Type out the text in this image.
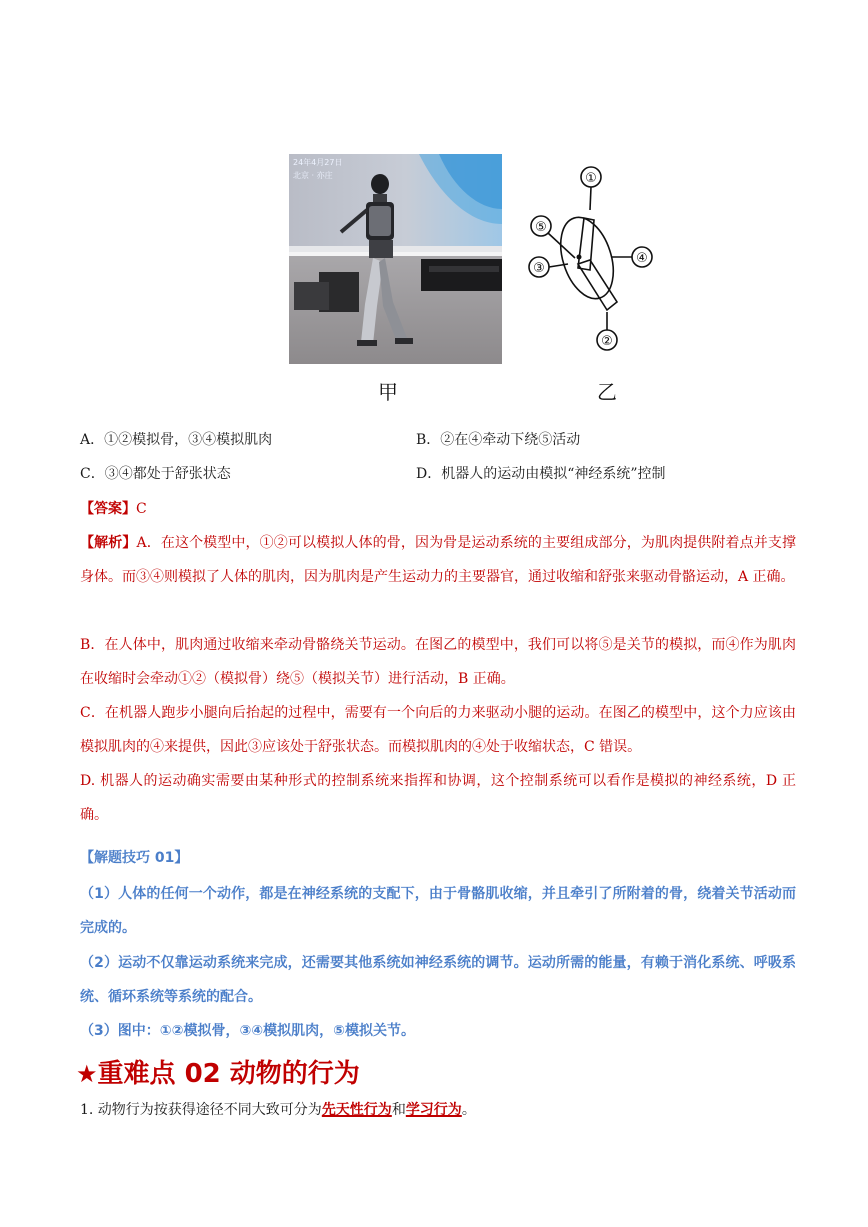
24年4月27日
北京 · 亦庄	①
②
③
④
⑤
甲	乙
A．①②模拟骨，③④模拟肌肉	B．②在④牵动下绕⑤活动
C．③④都处于舒张状态	D．机器人的运动由模拟“神经系统”控制
【答案】C
【解析】A．在这个模型中，①②可以模拟人体的骨，因为骨是运动系统的主要组成部分，为肌肉提供附着点并支撑身体。而③④则模拟了人体的肌肉，因为肌肉是产生运动力的主要器官，通过收缩和舒张来驱动骨骼运动，A 正确。
B．在人体中，肌肉通过收缩来牵动骨骼绕关节运动。在图乙的模型中，我们可以将⑤是关节的模拟，而④作为肌肉在收缩时会牵动①②（模拟骨）绕⑤（模拟关节）进行活动，B 正确。
C．在机器人跑步小腿向后抬起的过程中，需要有一个向后的力来驱动小腿的运动。在图乙的模型中，这个力应该由模拟肌肉的④来提供，因此③应该处于舒张状态。而模拟肌肉的④处于收缩状态，C 错误。
D. 机器人的运动确实需要由某种形式的控制系统来指挥和协调，这个控制系统可以看作是模拟的神经系统，D 正确。
【解题技巧 01】
（1）人体的任何一个动作，都是在神经系统的支配下，由于骨骼肌收缩，并且牵引了所附着的骨，绕着关节活动而完成的。
（2）运动不仅靠运动系统来完成，还需要其他系统如神经系统的调节。运动所需的能量，有赖于消化系统、呼吸系统、循环系统等系统的配合。
（3）图中：①②模拟骨，③④模拟肌肉，⑤模拟关节。
★重难点 02 动物的行为
1. 动物行为按获得途径不同大致可分为先天性行为和学习行为。
